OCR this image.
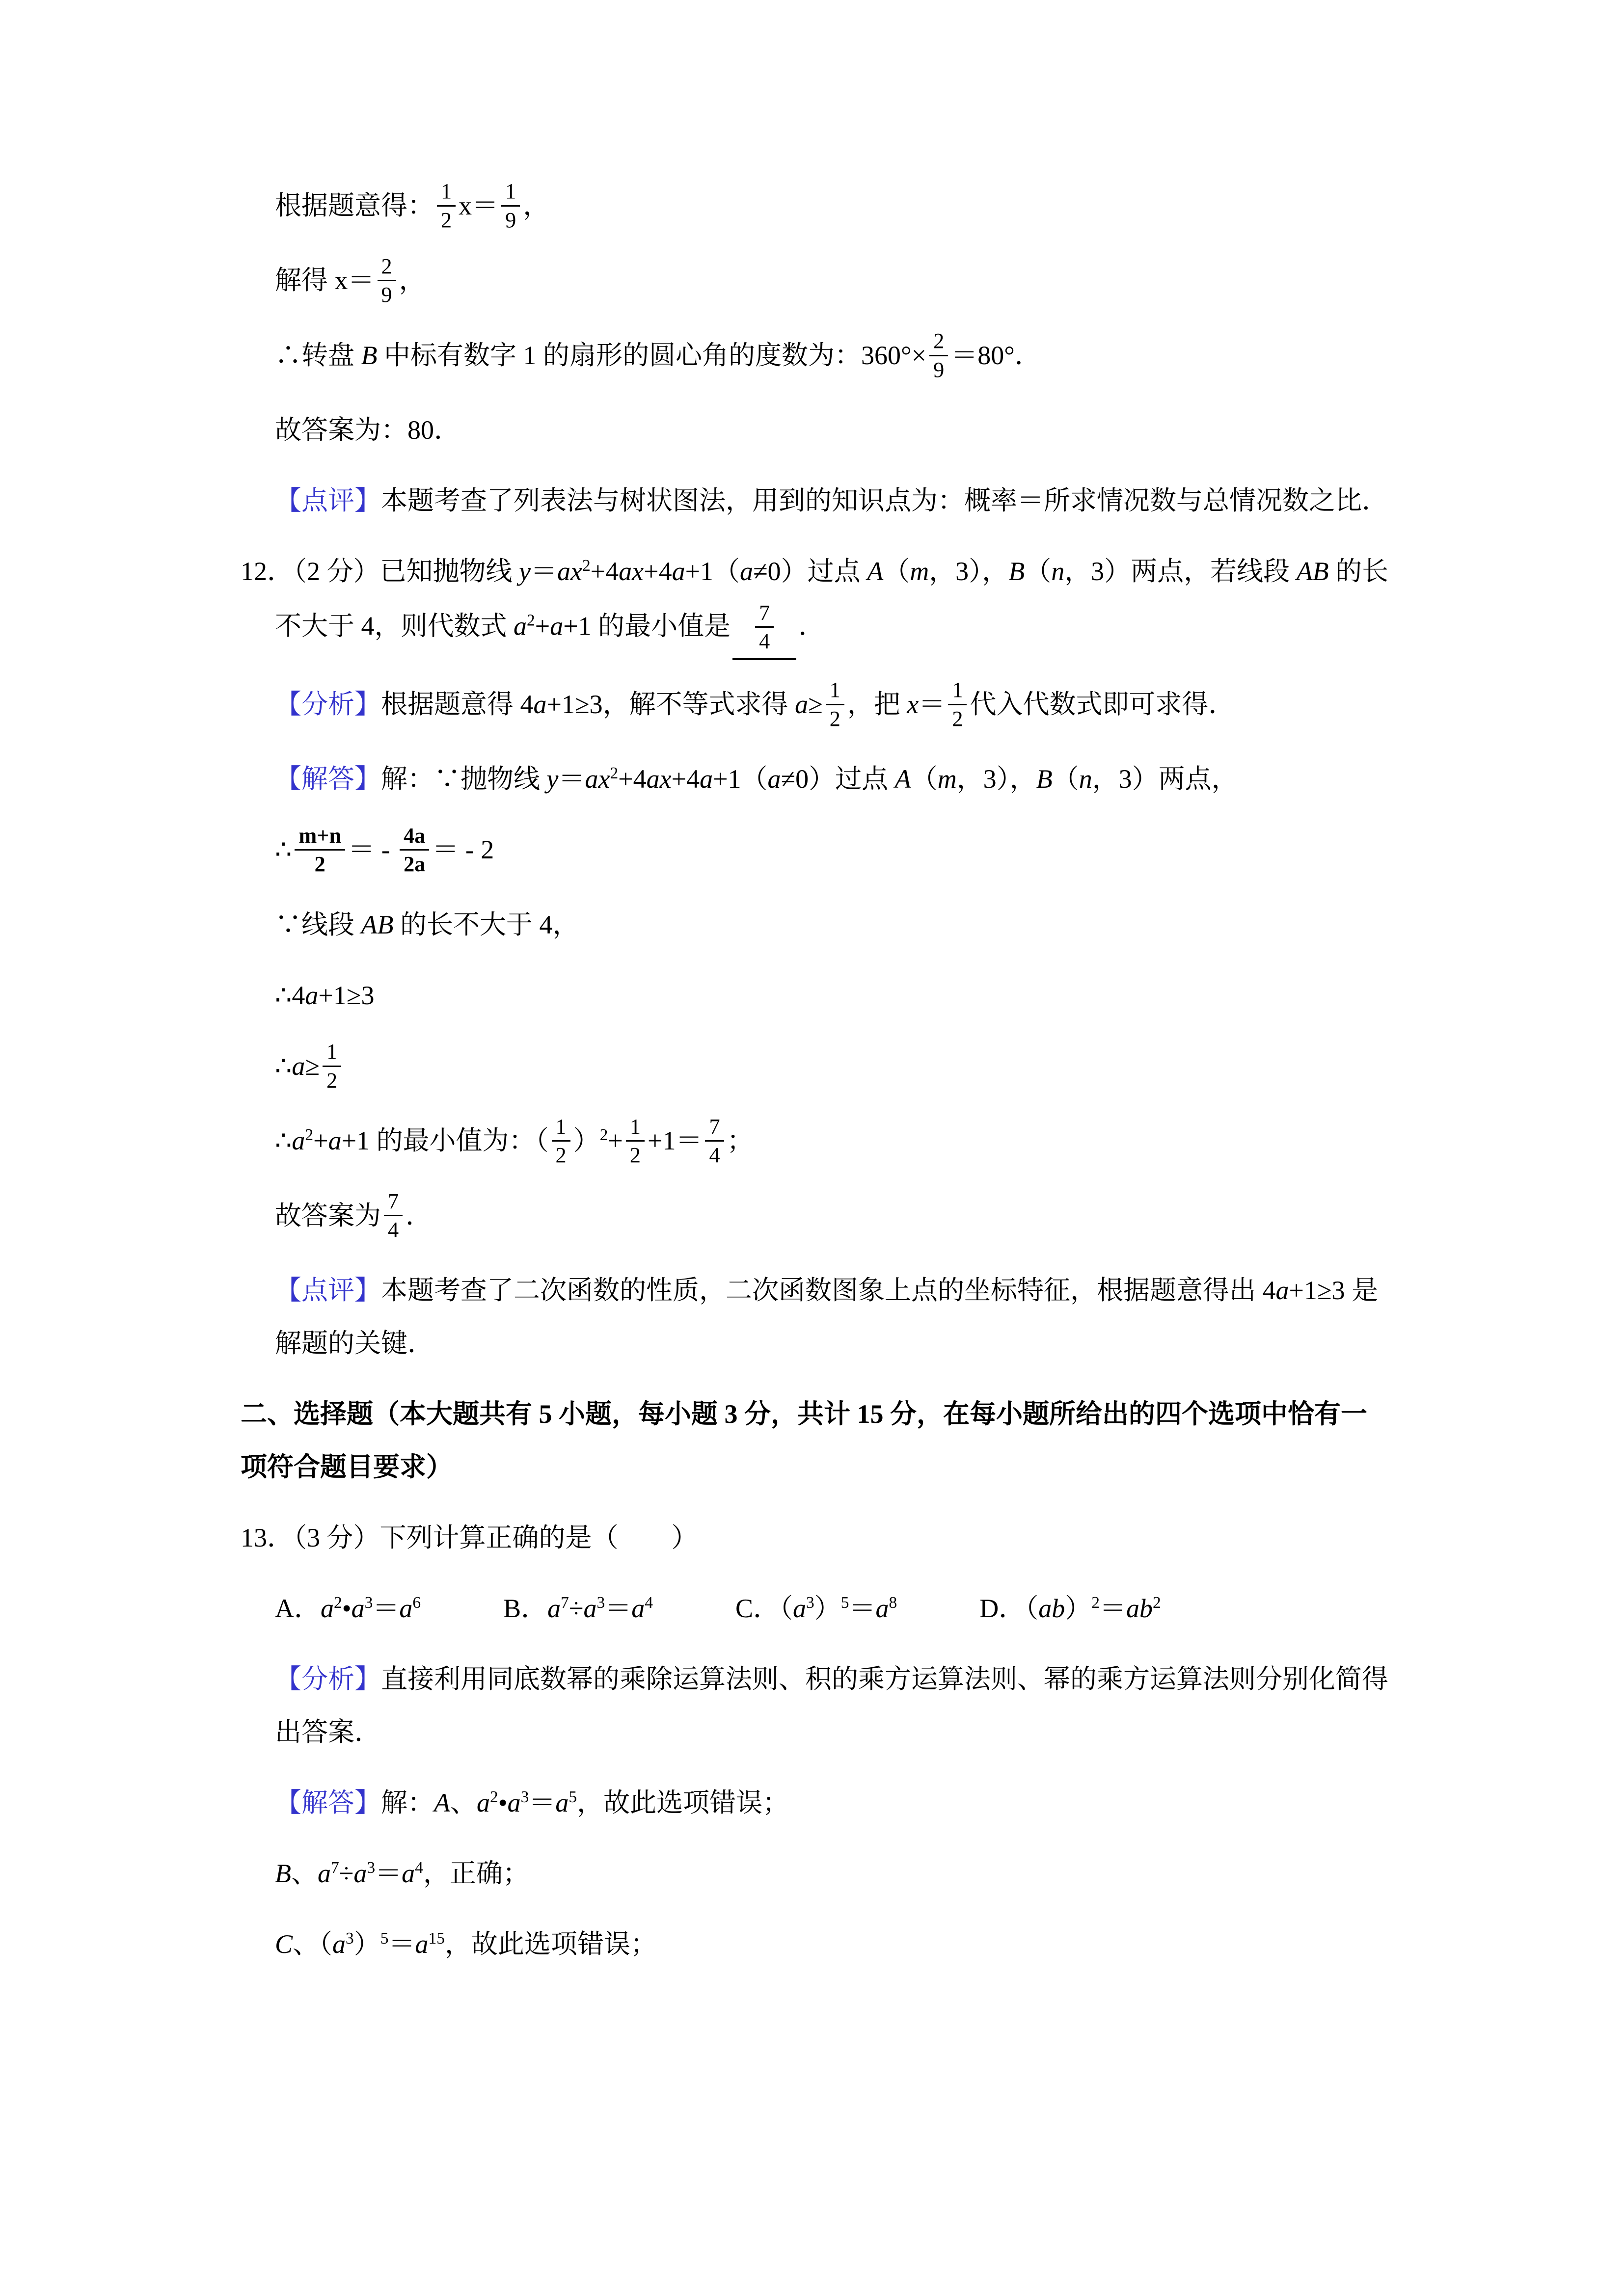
根据题意得： $\frac{1}{2} x= \frac{1}{9}$ ，
解得 $x= \frac{2}{9}$ ，
∴转盘 B 中标有数字 1 的扇形的圆心角的度数为：$360^\circ\times \frac{2}{9} =80^\circ$．
故答案为：80．
【点评】本题考查了列表法与树状图法，用到的知识点为：概率＝所求情况数与总情况数之比．
12．（2 分）已知抛物线 $y=ax^2+4ax+4a+1(a\ne 0)$过点 A（m，3），B（n，3）两点，若线段 AB 的长不大于 4，则代数式 $a^2+a+1$ 的最小值是 $\frac{7}{4}$ ．
【分析】根据题意得 4a+1≥3，解不等式求得 $a\ge \frac{1}{2}$ ，把 $x= \frac{1}{2}$ 代入代数式即可求得．
【解答】解：∵抛物线 $y=ax^2+4ax+4a+1(a\ne 0)$过点 A（m，3），B（n，3）两点，
∴ $\frac{m+n}{2}$ ＝ - $\frac{4a}{2a}$ ＝ - 2
∵线段 AB 的长不大于 4，
∴4a+1≥3
∴a≥ $\frac{1}{2}$
$\therefore a^2+a+1$ 的最小值为：（ $\frac{1}{2} )^2+ \frac{1}{2} +1= \frac{7}{4}$ ；
故答案为 $\frac{7}{4}$ ．
【点评】本题考查了二次函数的性质，二次函数图象上点的坐标特征，根据题意得出 4a+1≥3 是解题的关键．
二、选择题（本大题共有 5 小题，每小题 3 分，共计 15 分，在每小题所给出的四个选项中恰有一项符合题目要求）
13．（3 分）下列计算正确的是（　　）
A．$a^2•a^3=a^6$	B．$a^7\div a^3=a^4$	C．$(a^3)^5=a^8$	D．$(ab)^2=ab^2$
【分析】直接利用同底数幂的乘除运算法则、积的乘方运算法则、幂的乘方运算法则分别化简得出答案．
【解答】解：A、$a^2•a^3=a^5$，故此选项错误；
B、$a^7\div a^3=a^4$，正确；
C、$(a^3)^5=a^{15}$，故此选项错误；
